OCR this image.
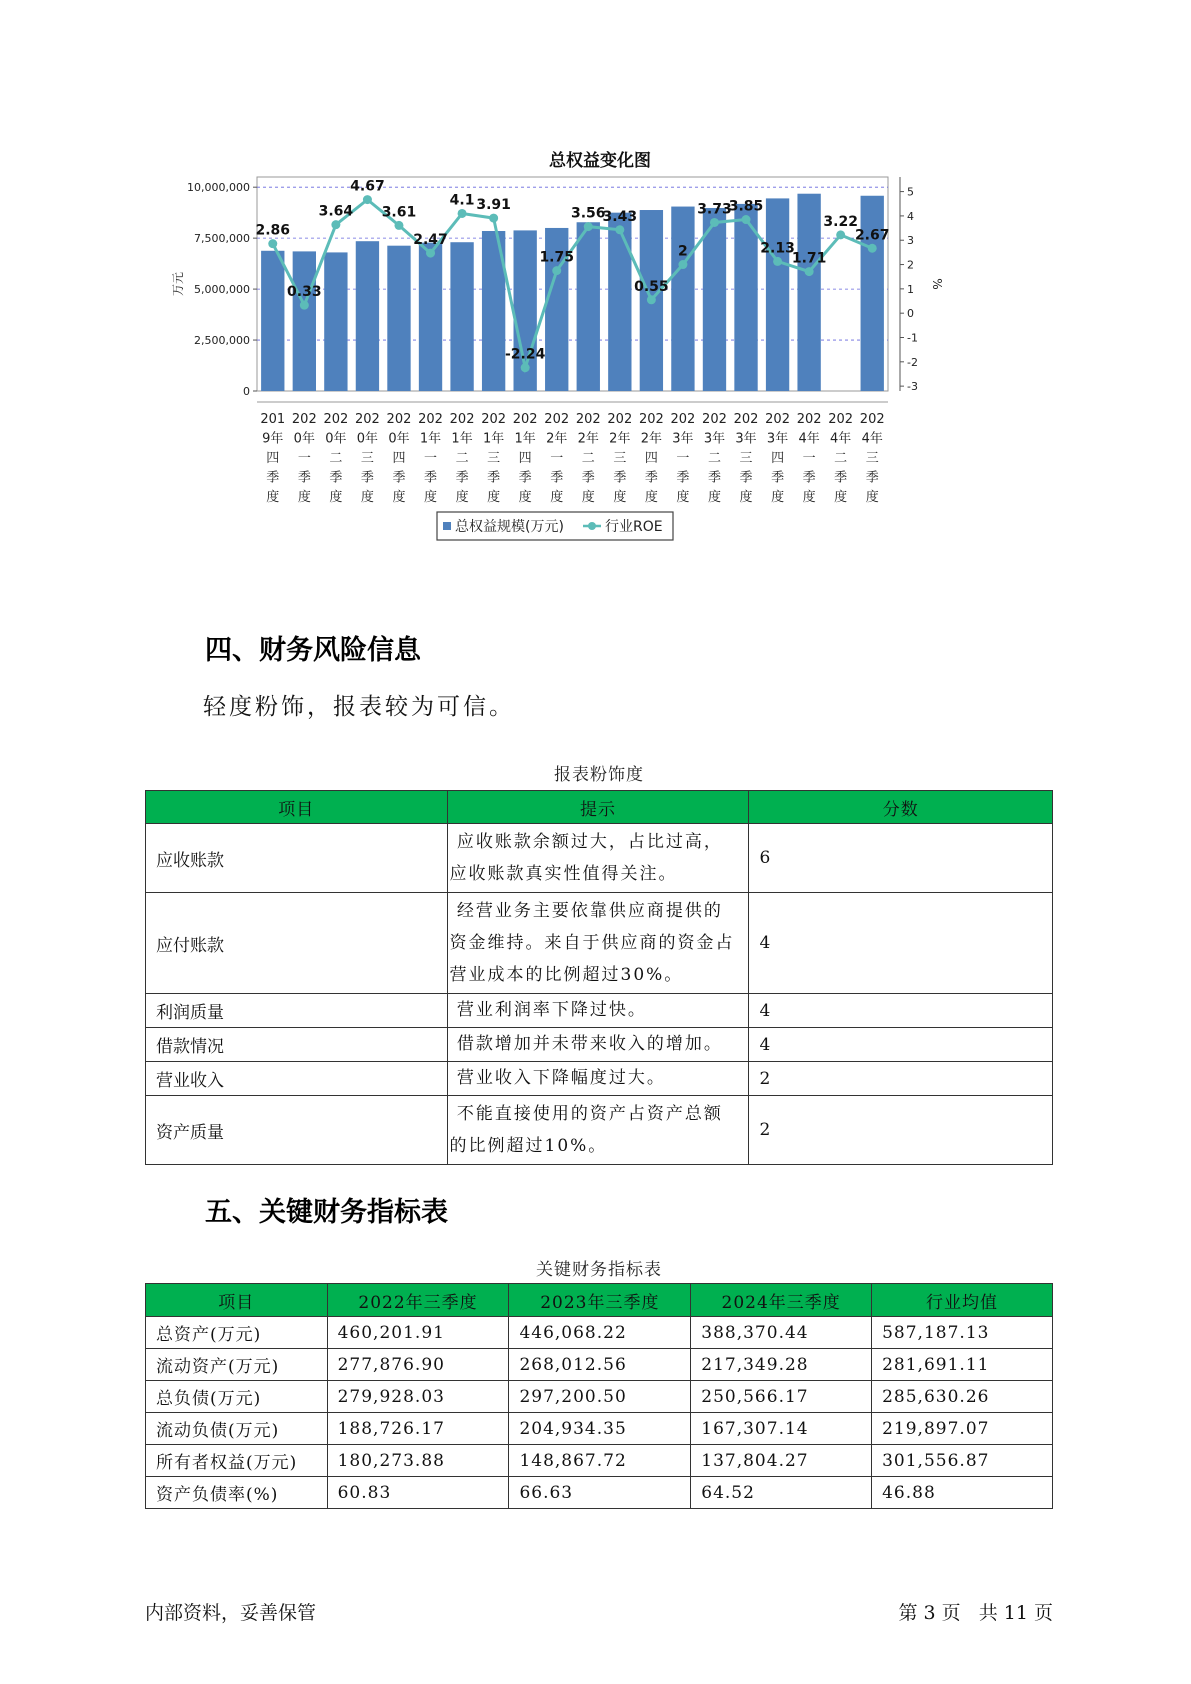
总权益变化图
0
2,500,000
5,000,000
7,500,000
10,000,000
-3
-2
-1
0
1
2
3
4
5
万元	%
2.86
0.33
3.64
4.67
3.61
2.47
4.1 3.91
-2.24
1.75
3.56
3.43
0.55
2
3.73
3.85
2.13
1.71
3.22
2.67
201 9年四季度
202 0年一季度
202 0年二季度
202 0年三季度
202 0年四季度
202 1年一季度
202 1年二季度
202 1年三季度
202 1年四季度
202 2年一季度
202 2年二季度
202 2年三季度
202 2年四季度
202 3年一季度
202 3年二季度
202 3年三季度
202 3年四季度
202 4年一季度
202 4年二季度
202 4年三季度
总权益规模(万元)	行业ROE
四、财务风险信息
轻度粉饰，报表较为可信。
报表粉饰度
项目	提示	分数
应收账款	应收账款余额过大，占比过高，
应收账款真实性值得关注。	6
应付账款	经营业务主要依靠供应商提供的
资金维持。来自于供应商的资金占
营业成本的比例超过30%。	4
利润质量	营业利润率下降过快。	4
借款情况	借款增加并未带来收入的增加。	4
营业收入	营业收入下降幅度过大。	2
资产质量	不能直接使用的资产占资产总额
的比例超过10%。	2
五、关键财务指标表
关键财务指标表
项目	2022年三季度	2023年三季度	2024年三季度	行业均值
总资产(万元)	460,201.91	446,068.22	388,370.44	587,187.13
流动资产(万元)	277,876.90	268,012.56	217,349.28	281,691.11
总负债(万元)	279,928.03	297,200.50	250,566.17	285,630.26
流动负债(万元)	188,726.17	204,934.35	167,307.14	219,897.07
所有者权益(万元)	180,273.88	148,867.72	137,804.27	301,556.87
资产负债率(%)	60.83	66.63	64.52	46.88
内部资料，妥善保管	第 3 页   共 11 页
